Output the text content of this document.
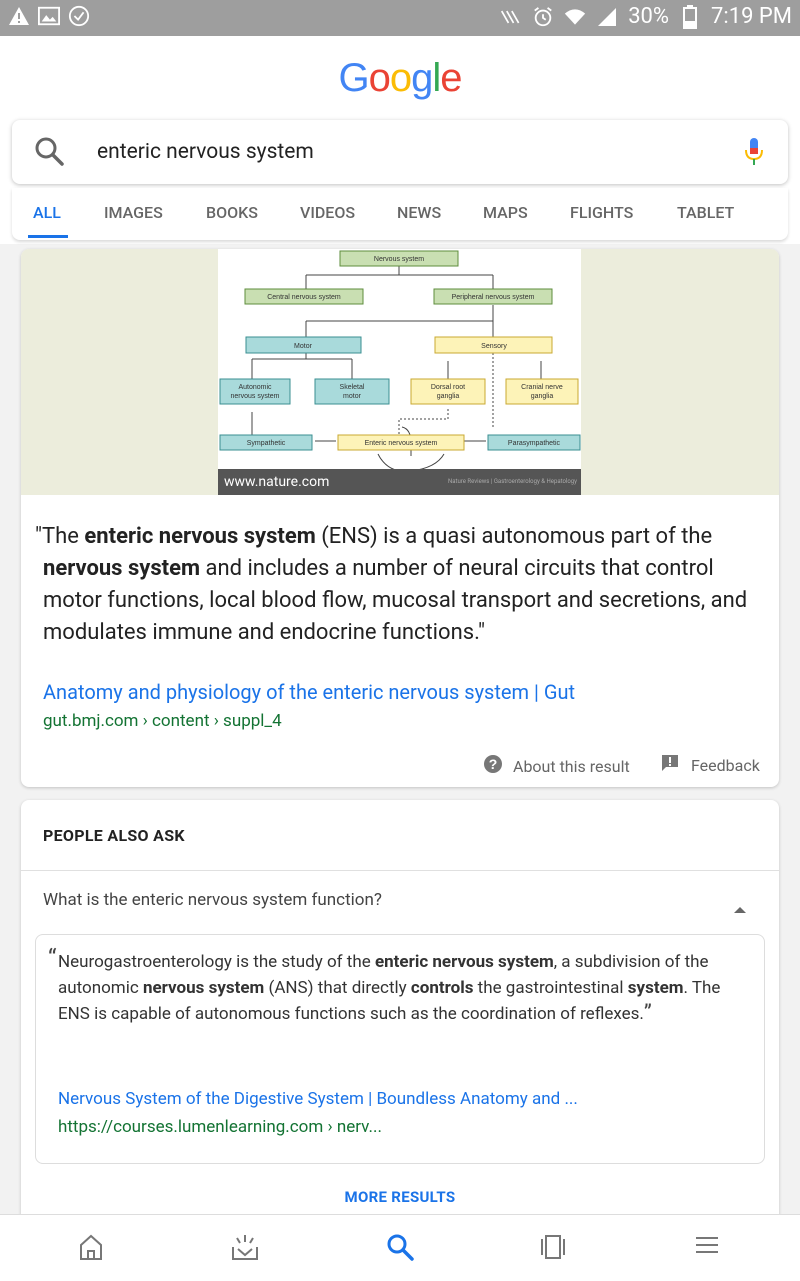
30% 7:19 PM
Google
enteric nervous system
ALL	IMAGES	BOOKS	VIDEOS	NEWS	MAPS	FLIGHTS	TABLET
Nervous system
Central nervous system	Peripheral nervous system
Motor	Sensory
Autonomic
nervous system
Skeletal
motor
Dorsal root
ganglia
Cranial nerve
ganglia
Sympathetic	Enteric nervous system	Parasympathetic
www.nature.com	Nature Reviews | Gastroenterology & Hepatology

"The enteric nervous system (ENS) is a quasi autonomous part of the nervous system and includes a number of neural circuits that control motor functions, local blood flow, mucosal transport and secretions, and modulates immune and endocrine functions."

Anatomy and physiology of the enteric nervous system | Gut
gut.bmj.com › content › suppl_4
? About this result	Feedback
PEOPLE ALSO ASK
What is the enteric nervous system function?
“ Neurogastroenterology is the study of the enteric nervous system, a subdivision of the autonomic nervous system (ANS) that directly controls the gastrointestinal system. The ENS is capable of autonomous functions such as the coordination of reflexes.”
Nervous System of the Digestive System | Boundless Anatomy and ...
https://courses.lumenlearning.com › nerv...
MORE RESULTS
